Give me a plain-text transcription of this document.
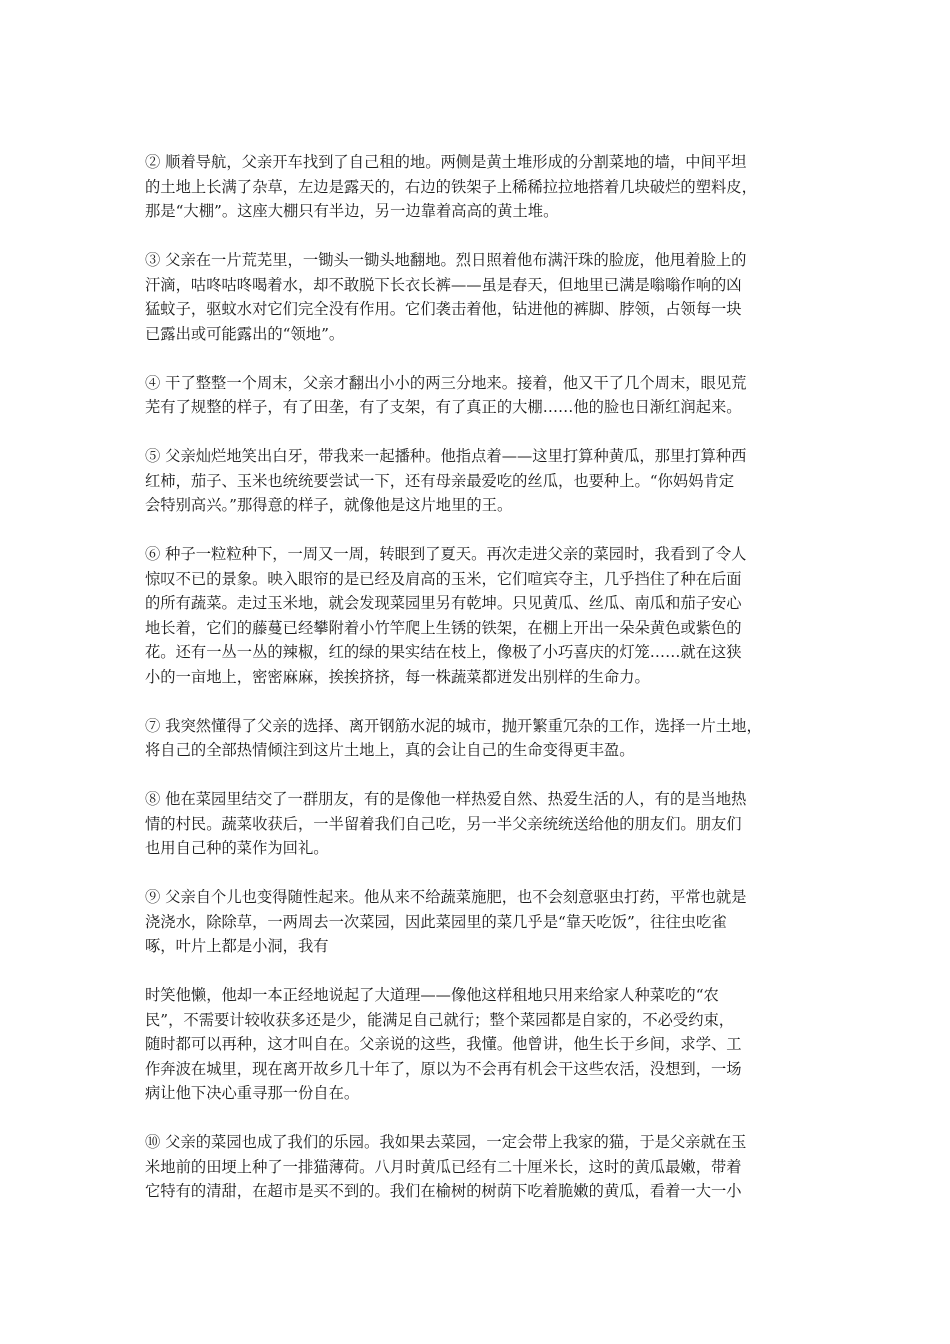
② 顺着导航，父亲开车找到了自己租的地。两侧是黄土堆形成的分割菜地的墙，中间平坦
的土地上长满了杂草，左边是露天的，右边的铁架子上稀稀拉拉地搭着几块破烂的塑料皮，
那是“大棚”。这座大棚只有半边，另一边靠着高高的黄土堆。

③ 父亲在一片荒芜里，一锄头一锄头地翻地。烈日照着他布满汗珠的脸庞，他甩着脸上的
汗滴，咕咚咕咚喝着水，却不敢脱下长衣长裤——虽是春天，但地里已满是嗡嗡作响的凶
猛蚊子，驱蚊水对它们完全没有作用。它们袭击着他，钻进他的裤脚、脖领，占领每一块
已露出或可能露出的“领地”。

④ 干了整整一个周末，父亲才翻出小小的两三分地来。接着，他又干了几个周末，眼见荒
芜有了规整的样子，有了田垄，有了支架，有了真正的大棚……他的脸也日渐红润起来。

⑤ 父亲灿烂地笑出白牙，带我来一起播种。他指点着——这里打算种黄瓜，那里打算种西
红柿，茄子、玉米也统统要尝试一下，还有母亲最爱吃的丝瓜，也要种上。“你妈妈肯定
会特别高兴。”那得意的样子，就像他是这片地里的王。

⑥ 种子一粒粒种下，一周又一周，转眼到了夏天。再次走进父亲的菜园时，我看到了令人
惊叹不已的景象。映入眼帘的是已经及肩高的玉米，它们喧宾夺主，几乎挡住了种在后面
的所有蔬菜。走过玉米地，就会发现菜园里另有乾坤。只见黄瓜、丝瓜、南瓜和茄子安心
地长着，它们的藤蔓已经攀附着小竹竿爬上生锈的铁架，在棚上开出一朵朵黄色或紫色的
花。还有一丛一丛的辣椒，红的绿的果实结在枝上，像极了小巧喜庆的灯笼……就在这狭
小的一亩地上，密密麻麻，挨挨挤挤，每一株蔬菜都迸发出别样的生命力。

⑦ 我突然懂得了父亲的选择、离开钢筋水泥的城市，抛开繁重冗杂的工作，选择一片土地，
将自己的全部热情倾注到这片土地上，真的会让自己的生命变得更丰盈。

⑧ 他在菜园里结交了一群朋友，有的是像他一样热爱自然、热爱生活的人，有的是当地热
情的村民。蔬菜收获后，一半留着我们自己吃，另一半父亲统统送给他的朋友们。朋友们
也用自己种的菜作为回礼。

⑨ 父亲自个儿也变得随性起来。他从来不给蔬菜施肥，也不会刻意驱虫打药，平常也就是
浇浇水，除除草，一两周去一次菜园，因此菜园里的菜几乎是“靠天吃饭”，往往虫吃雀
啄，叶片上都是小洞，我有

时笑他懒，他却一本正经地说起了大道理——像他这样租地只用来给家人种菜吃的“农
民”，不需要计较收获多还是少，能满足自己就行；整个菜园都是自家的，不必受约束，
随时都可以再种，这才叫自在。父亲说的这些，我懂。他曾讲，他生长于乡间，求学、工
作奔波在城里，现在离开故乡几十年了，原以为不会再有机会干这些农活，没想到，一场
病让他下决心重寻那一份自在。

⑩ 父亲的菜园也成了我们的乐园。我如果去菜园，一定会带上我家的猫，于是父亲就在玉
米地前的田埂上种了一排猫薄荷。八月时黄瓜已经有二十厘米长，这时的黄瓜最嫩，带着
它特有的清甜，在超市是买不到的。我们在榆树的树荫下吃着脆嫩的黄瓜，看着一大一小
